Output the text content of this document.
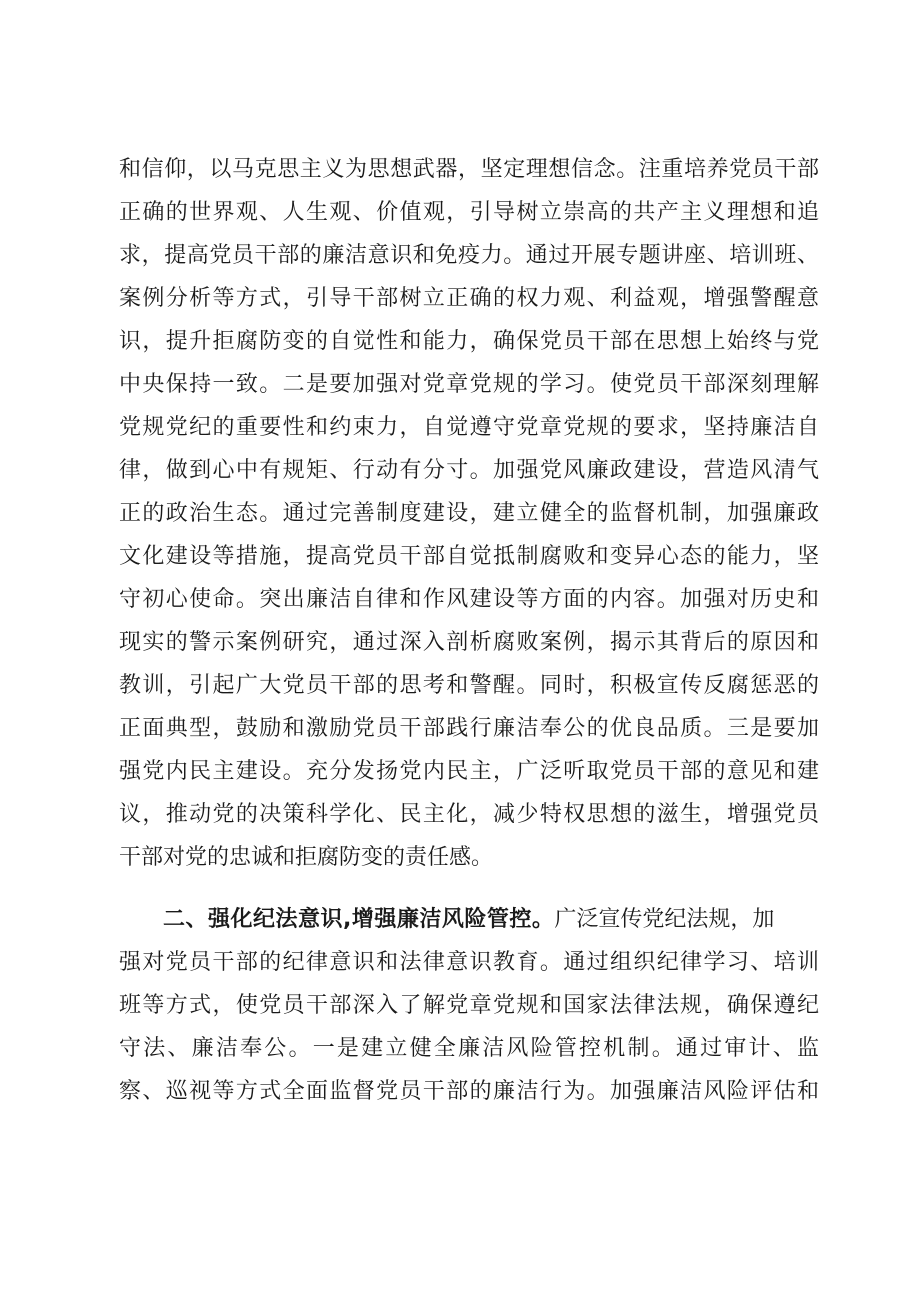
和信仰，以马克思主义为思想武器，坚定理想信念。注重培养党员干部
正确的世界观、人生观、价值观，引导树立崇高的共产主义理想和追
求，提高党员干部的廉洁意识和免疫力。通过开展专题讲座、培训班、
案例分析等方式，引导干部树立正确的权力观、利益观，增强警醒意
识，提升拒腐防变的自觉性和能力，确保党员干部在思想上始终与党
中央保持一致。二是要加强对党章党规的学习。使党员干部深刻理解
党规党纪的重要性和约束力，自觉遵守党章党规的要求，坚持廉洁自
律，做到心中有规矩、行动有分寸。加强党风廉政建设，营造风清气
正的政治生态。通过完善制度建设，建立健全的监督机制，加强廉政
文化建设等措施，提高党员干部自觉抵制腐败和变异心态的能力，坚
守初心使命。突出廉洁自律和作风建设等方面的内容。加强对历史和
现实的警示案例研究，通过深入剖析腐败案例，揭示其背后的原因和
教训，引起广大党员干部的思考和警醒。同时，积极宣传反腐惩恶的
正面典型，鼓励和激励党员干部践行廉洁奉公的优良品质。三是要加
强党内民主建设。充分发扬党内民主，广泛听取党员干部的意见和建
议，推动党的决策科学化、民主化，减少特权思想的滋生，增强党员
干部对党的忠诚和拒腐防变的责任感。
二、强化纪法意识,增强廉洁风险管控。广泛宣传党纪法规，加
强对党员干部的纪律意识和法律意识教育。通过组织纪律学习、培训
班等方式，使党员干部深入了解党章党规和国家法律法规，确保遵纪
守法、廉洁奉公。一是建立健全廉洁风险管控机制。通过审计、监
察、巡视等方式全面监督党员干部的廉洁行为。加强廉洁风险评估和
